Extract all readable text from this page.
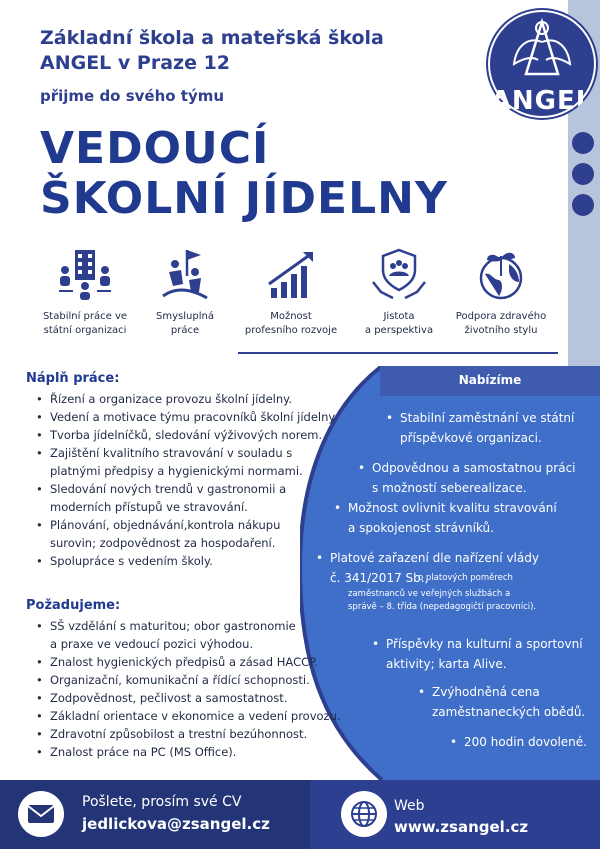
ANGEL
Základní škola a mateřská škola
ANGEL v Praze 12
přijme do svého týmu
VEDOUCÍ
ŠKOLNÍ JÍDELNY
Stabilní práce ve
státní organizaci
Smysluplná
práce
Možnost
profesního rozvoje
Jistota
a perspektiva
Podpora zdravého
životního stylu
Náplň práce:
• Řízení a organizace provozu školní jídelny.
• Vedení a motivace týmu pracovníků školní jídelny.
• Tvorba jídelníčků, sledování výživových norem.
• Zajištění kvalitního stravování v souladu s
platnými předpisy a hygienickými normami.
• Sledování nových trendů v gastronomii a
moderních přístupů ve stravování.
• Plánování, objednávání,kontrola nákupu
surovin; zodpovědnost za hospodaření.
• Spolupráce s vedením školy.
Nabízíme
• Stabilní zaměstnání ve státní
příspěvkové organizaci.
• Odpovědnou a samostatnou práci
s možností seberealizace.
• Možnost ovlivnit kvalitu stravování
a spokojenost strávníků.
• Platové zařazení dle nařízení vlády
č. 341/2017 Sb.,
o platových poměrech
zaměstnanců ve veřejných službách a
správě – 8. třída (nepedagogičtí pracovníci).
• Příspěvky na kulturní a sportovní
aktivity; karta Alive.
• Zvýhodněná cena
zaměstnaneckých obědů.
• 200 hodin dovolené.
Požadujeme:
• SŠ vzdělání s maturitou; obor gastronomie
a praxe ve vedoucí pozici výhodou.
• Znalost hygienických předpisů a zásad HACCP.
• Organizační, komunikační a řídící schopnosti.
• Zodpovědnost, pečlivost a samostatnost.
• Základní orientace v ekonomice a vedení provozu.
• Zdravotní způsobilost a trestní bezúhonnost.
• Znalost práce na PC (MS Office).
Pošlete, prosím své CV
jedlickova@zsangel.cz
Web
www.zsangel.cz
